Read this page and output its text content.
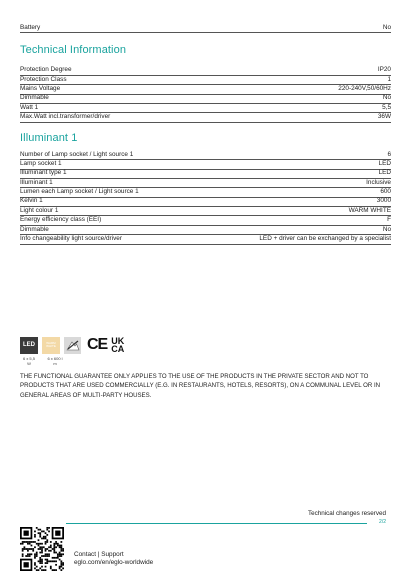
Battery	No
Technical Information
Protection Degree	IP20
Protection Class	1
Mains Voltage	220-240V,50/60Hz
Dimmable	No
Watt 1	5,5
Max.Watt incl.transformer/driver	36W
Illuminant 1
Number of Lamp socket / Light source 1	6
Lamp socket 1	LED
Illuminant type 1	LED
Illuminant 1	Inclusive
Lumen each Lamp socket / Light source 1	600
Kelvin 1	3000
Light colour 1	WARM WHITE
Energy efficiency class (EEI)	F
Dimmable	No
Info changeability light source/driver	LED + driver can be exchanged by a specialist
LED	WARM
WHITE CE UK
CA
6 x 5,5
W
6 x 600 l
m
THE FUNCTIONAL GUARANTEE ONLY APPLIES TO THE USE OF THE PRODUCTS IN THE PRIVATE SECTOR AND NOT TO PRODUCTS THAT ARE USED COMMERCIALLY (E.G. IN RESTAURANTS, HOTELS, RESORTS), ON A COMMUNAL LEVEL OR IN GENERAL AREAS OF MULTI-PARTY HOUSES.
Technical changes reserved
2/2
Contact | Support
eglo.com/en/eglo-worldwide
